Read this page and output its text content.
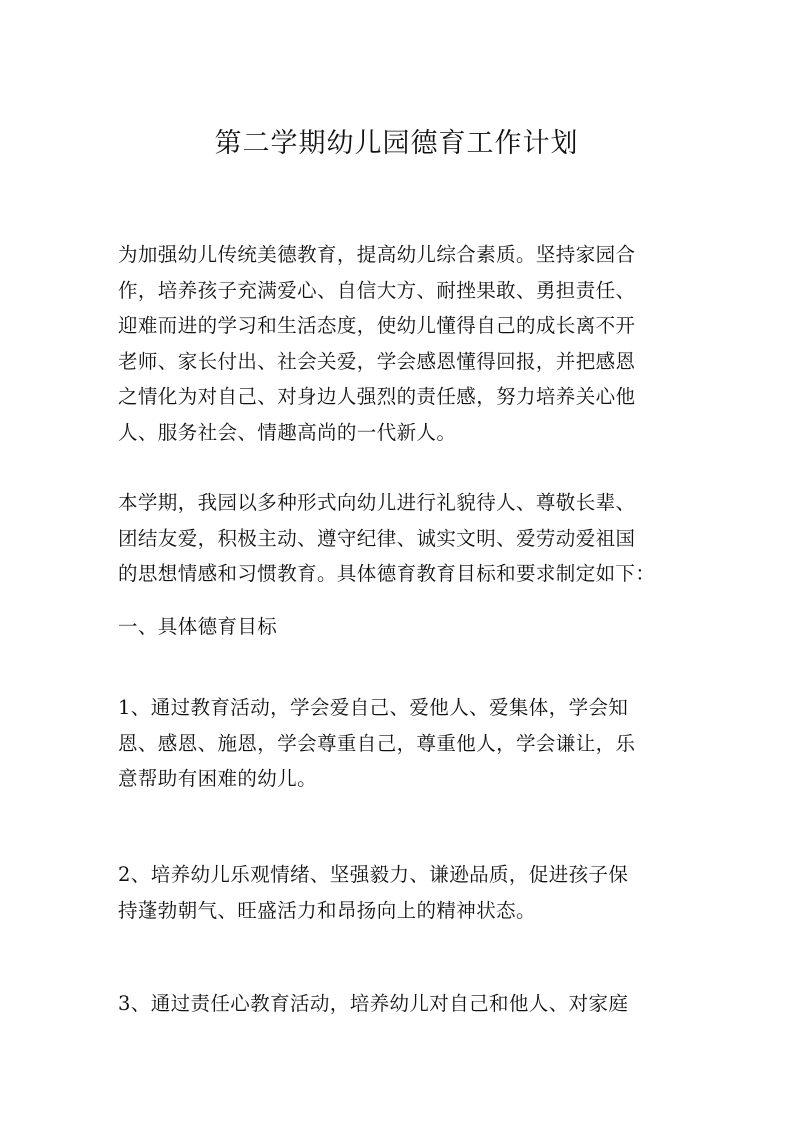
第二学期幼儿园德育工作计划
为加强幼儿传统美德教育，提高幼儿综合素质。坚持家园合
作，培养孩子充满爱心、自信大方、耐挫果敢、勇担责任、
迎难而进的学习和生活态度，使幼儿懂得自己的成长离不开
老师、家长付出、社会关爱，学会感恩懂得回报，并把感恩
之情化为对自己、对身边人强烈的责任感，努力培养关心他
人、服务社会、情趣高尚的一代新人。
本学期，我园以多种形式向幼儿进行礼貌待人、尊敬长辈、
团结友爱，积极主动、遵守纪律、诚实文明、爱劳动爱祖国
的思想情感和习惯教育。具体德育教育目标和要求制定如下：
一、具体德育目标
1、通过教育活动，学会爱自己、爱他人、爱集体，学会知
恩、感恩、施恩，学会尊重自己，尊重他人，学会谦让，乐
意帮助有困难的幼儿。
2、培养幼儿乐观情绪、坚强毅力、谦逊品质，促进孩子保
持蓬勃朝气、旺盛活力和昂扬向上的精神状态。
3、通过责任心教育活动，培养幼儿对自己和他人、对家庭
